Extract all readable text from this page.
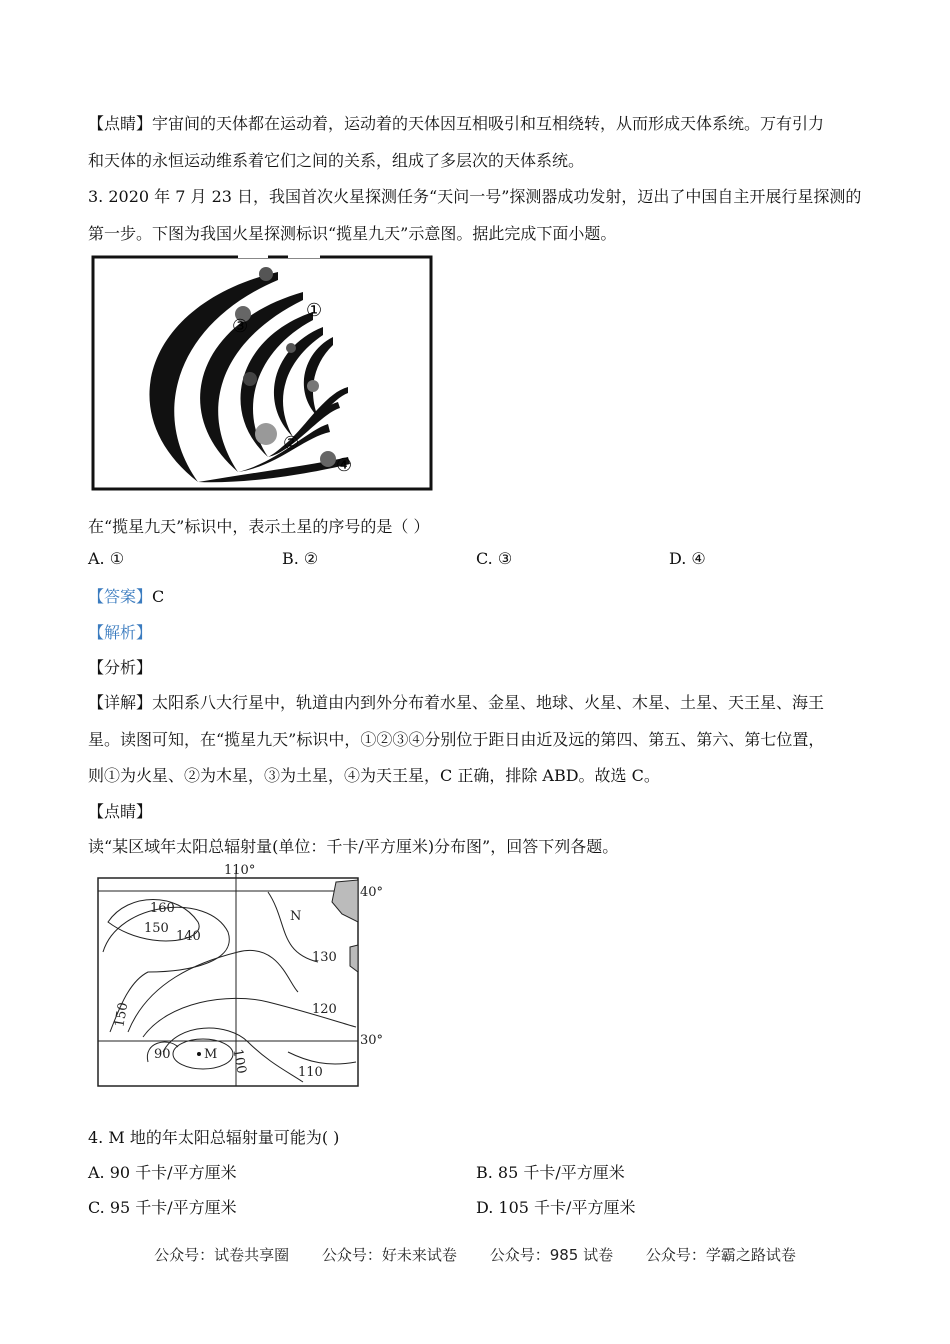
【点睛】宇宙间的天体都在运动着，运动着的天体因互相吸引和互相绕转，从而形成天体系统。万有引力
和天体的永恒运动维系着它们之间的关系，组成了多层次的天体系统。
3. 2020 年 7 月 23 日，我国首次火星探测任务“天问一号”探测器成功发射，迈出了中国自主开展行星探测的
第一步。下图为我国火星探测标识“揽星九天”示意图。据此完成下面小题。
①
②
③
④
在“揽星九天”标识中，表示土星的序号的是（ ）
A. ①	B. ②	C. ③	D. ④
【答案】C
【解析】
【分析】
【详解】太阳系八大行星中，轨道由内到外分布着水星、金星、地球、火星、木星、土星、天王星、海王
星。读图可知，在“揽星九天”标识中，①②③④分别位于距日由近及远的第四、第五、第六、第七位置，
则①为火星、②为木星，③为土星，④为天王星，C 正确，排除 ABD。故选 C。
【点睛】
读“某区域年太阳总辐射量(单位：千卡/平方厘米)分布图”，回答下列各题。
110°
40°
30°
160
150
140
N
130
120
150
90	M 100	110
4. M 地的年太阳总辐射量可能为( )
A. 90 千卡/平方厘米	B. 85 千卡/平方厘米
C. 95 千卡/平方厘米	D. 105 千卡/平方厘米
公众号：试卷共享圈 公众号：好未来试卷 公众号：985 试卷 公众号：学霸之路试卷
